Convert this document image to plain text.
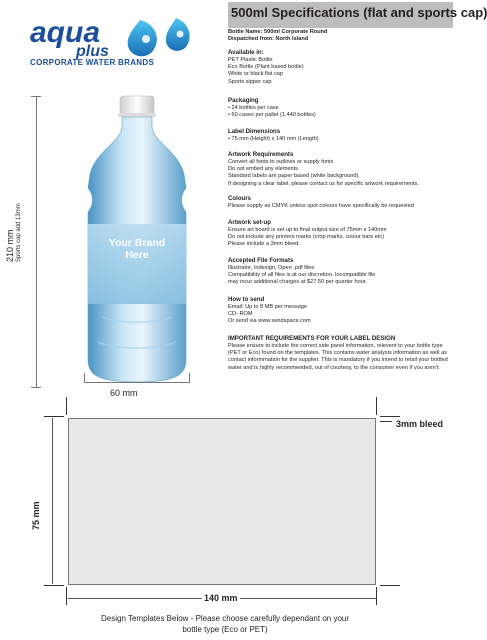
aqua
plus
CORPORATE WATER BRANDS
500ml Specifications (flat and sports cap)
Bottle Name: 500ml Corporate Round
Dispatched from: North Island
Available in:
PET Plastic Bottle
Eco Bottle (Plant based bottle)
White or black flat cap
Sports sipper cap
Packaging
• 24 bottles per case
• 60 cases per pallet (1,440 bottles)
Label Dimensions
• 75 mm (Height) x 140 mm (Length)
Artwork Requirements
Convert all fonts to outlines or supply fonts
Do not embed any elements
Standard labels are paper based (white background).
If designing a clear label, please contact us for specific artwork requirements.
Colours
Please supply as CMYK unless spot colours have specifically be requested
Artwork set-up
Ensure art board is set up to final output size of 75mm x 140mm
Do not include any printers marks (crop marks, colour bars etc)
Please include a 3mm bleed.
Accepted File Formats
Illustrator, Indesign, Open .pdf files
Compatibility of all files is at our discretion. Incompatible file
may incur additional charges at $27.50 per quarter hour.
How to send
Email: Up to 8 MB per message
CD- ROM
Or send via www.sendspace.com
IMPORTANT REQUIREMENTS FOR YOUR LABEL DESIGN
Please ensure to include the correct side panel information, relevent to your bottle type (PET or Eco) found on the templates. This contains water analysis information as well as contact informmation for the supplier. This is mandatory if you intend to retail your bottled water and is highly recommended, out of courtesy, to the consumer even if you aren't.
Your Brand
Here
210 mm Sports cap add 13mm
60 mm
3mm bleed
75 mm
140 mm
Design Templates Below - Please choose carefully dependant on your
bottle type (Eco or PET)
